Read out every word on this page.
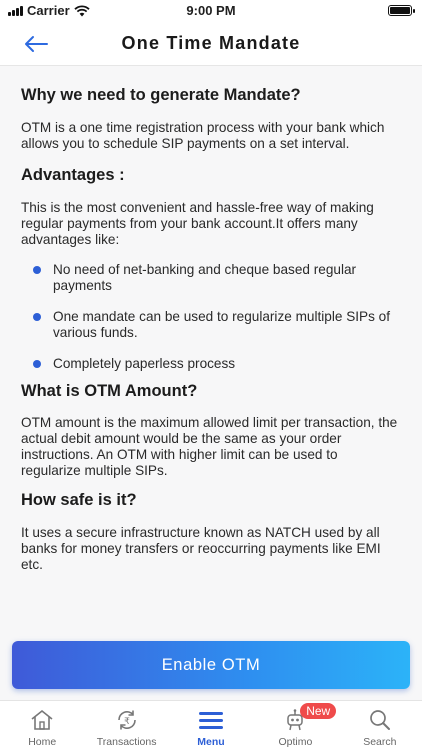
Carrier	9:00 PM
One Time Mandate
Why we need to generate Mandate?
OTM is a one time registration process with your bank which allows you to schedule SIP payments on a set interval.
Advantages :
This is the most convenient and hassle-free way of making regular payments from your bank account.It offers many advantages like:
No need of net-banking and cheque based regular payments
One mandate can be used to regularize multiple SIPs of various funds.
Completely paperless process
What is OTM Amount?
OTM amount is the maximum allowed limit per transaction, the actual debit amount would be the same as your order instructions. An OTM with higher limit can be used to regularize multiple SIPs.
How safe is it?
It uses a secure infrastructure known as NATCH used by all banks for money transfers or reoccurring payments like EMI etc.
Enable OTM
Home
₹
Transactions	Menu
New
Optimo	Search
